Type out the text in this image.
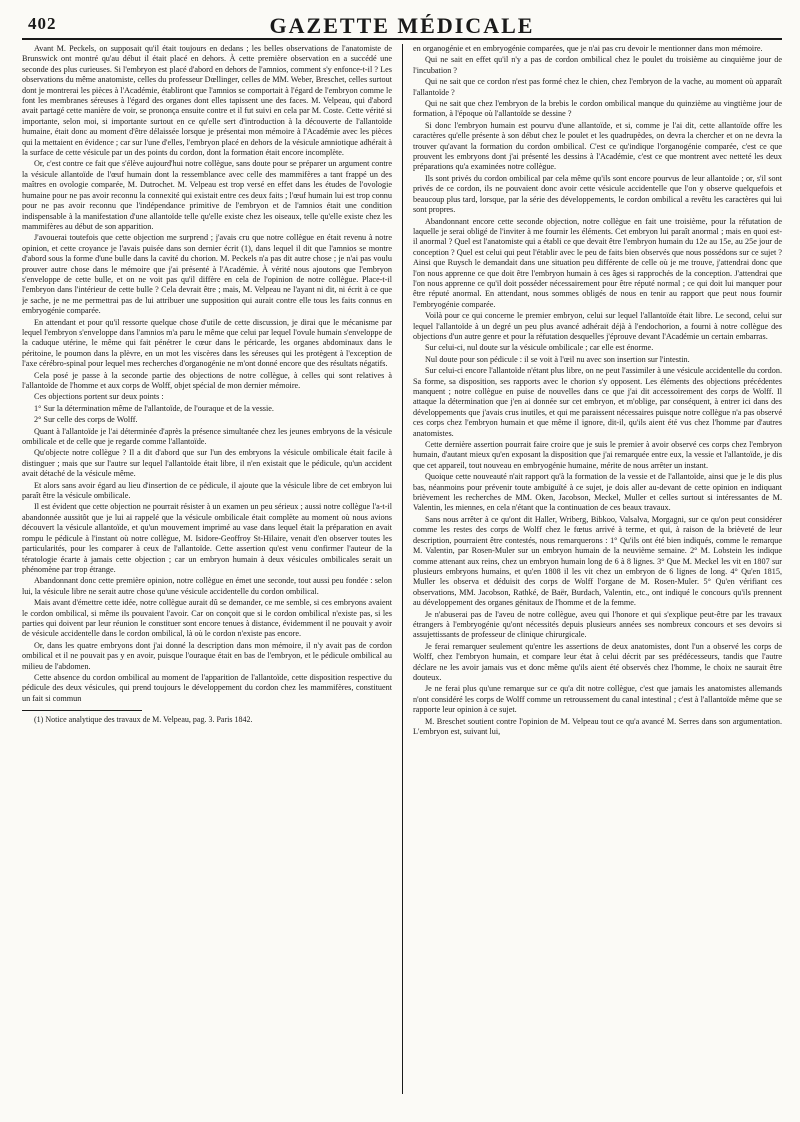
402	GAZETTE MÉDICALE

Avant M. Peckels, on supposait qu'il était toujours en dedans ; les belles observations de l'anatomiste de Brunswick ont montré qu'au début il était placé en dehors. À cette première observation en a succédé une seconde des plus curieuses. Si l'embryon est placé d'abord en dehors de l'amnios, comment s'y enfonce-t-il ? Les observations du même anatomiste, celles du professeur Dœllinger, celles de MM. Weber, Breschet, celles surtout dont je montrerai les pièces à l'Académie, établiront que l'amnios se comportait à l'égard de l'embryon comme le font les membranes séreuses à l'égard des organes dont elles tapissent une des faces. M. Velpeau, qui d'abord avait partagé cette manière de voir, se prononça ensuite contre et il fut suivi en cela par M. Coste. Cette vérité si importante, selon moi, si importante surtout en ce qu'elle sert d'introduction à la découverte de l'allantoïde humaine, était donc au moment d'être délaissée lorsque je présentai mon mémoire à l'Académie avec les pièces qui la mettaient en évidence ; car sur l'une d'elles, l'embryon placé en dehors de la vésicule amniotique adhérait à la surface de cette vésicule par un des points du cordon, dont la formation était encore incomplète.

Or, c'est contre ce fait que s'élève aujourd'hui notre collègue, sans doute pour se préparer un argument contre la vésicule allantoïde de l'œuf humain dont la ressemblance avec celle des mammifères a tant frappé un des maîtres en ovologie comparée, M. Dutrochet. M. Velpeau est trop versé en effet dans les études de l'ovologie humaine pour ne pas avoir reconnu la connexité qui existait entre ces deux faits ; l'œuf humain lui est trop connu pour ne pas avoir reconnu que l'indépendance primitive de l'embryon et de l'amnios était une condition indispensable à la manifestation d'une allantoïde telle qu'elle existe chez les oiseaux, telle qu'elle existe chez les mammifères au début de son apparition.

J'avouerai toutefois que cette objection me surprend ; j'avais cru que notre collègue en était revenu à notre opinion, et cette croyance je l'avais puisée dans son dernier écrit (1), dans lequel il dit que l'amnios se montre d'abord sous la forme d'une bulle dans la cavité du chorion. M. Peckels n'a pas dit autre chose ; je n'ai pas voulu prouver autre chose dans le mémoire que j'ai présenté à l'Académie. À vérité nous ajoutons que l'embryon s'enveloppe de cette bulle, et on ne voit pas qu'il diffère en cela de l'opinion de notre collègue. Place-t-il l'embryon dans l'intérieur de cette bulle ? Cela devrait être ; mais, M. Velpeau ne l'ayant ni dit, ni écrit à ce que je sache, je ne me permettrai pas de lui attribuer une supposition qui aurait contre elle tous les faits connus en embryogénie comparée.

En attendant et pour qu'il ressorte quelque chose d'utile de cette discussion, je dirai que le mécanisme par lequel l'embryon s'enveloppe dans l'amnios m'a paru le même que celui par lequel l'ovule humain s'enveloppe de la caduque utérine, le même qui fait pénétrer le cœur dans le péricarde, les organes abdominaux dans le péritoine, le poumon dans la plèvre, en un mot les viscères dans les séreuses qui les protègent à l'exception de l'axe cérébro-spinal pour lequel mes recherches d'organogénie ne m'ont donné encore que des résultats négatifs.

Cela posé je passe à la seconde partie des objections de notre collègue, à celles qui sont relatives à l'allantoïde de l'homme et aux corps de Wolff, objet spécial de mon dernier mémoire.

Ces objections portent sur deux points :

1° Sur la détermination même de l'allantoïde, de l'ouraque et de la vessie.

2° Sur celle des corps de Wolff.

Quant à l'allantoïde je l'ai déterminée d'après la présence simultanée chez les jeunes embryons de la vésicule ombilicale et de celle que je regarde comme l'allantoïde.

Qu'objecte notre collègue ? Il a dit d'abord que sur l'un des embryons la vésicule ombilicale était facile à distinguer ; mais que sur l'autre sur lequel l'allantoïde était libre, il n'en existait que le pédicule, qu'un accident avait détaché de la vésicule même.

Et alors sans avoir égard au lieu d'insertion de ce pédicule, il ajoute que la vésicule libre de cet embryon lui paraît être la vésicule ombilicale.

Il est évident que cette objection ne pourrait résister à un examen un peu sérieux ; aussi notre collègue l'a-t-il abandonnée aussitôt que je lui ai rappelé que la vésicule ombilicale était complète au moment où nous avions découvert la vésicule allantoïde, et qu'un mouvement imprimé au vase dans lequel était la préparation en avait rompu le pédicule à l'instant où notre collègue, M. Isidore-Geoffroy St-Hilaire, venait d'en observer toutes les particularités, pour les comparer à ceux de l'allantoïde. Cette assertion qu'est venu confirmer l'auteur de la tératologie écarte à jamais cette objection ; car un embryon humain à deux vésicules ombilicales serait un phénomène par trop étrange.

Abandonnant donc cette première opinion, notre collègue en émet une seconde, tout aussi peu fondée : selon lui, la vésicule libre ne serait autre chose qu'une vésicule accidentelle du cordon ombilical.

Mais avant d'émettre cette idée, notre collègue aurait dû se demander, ce me semble, si ces embryons avaient le cordon ombilical, si même ils pouvaient l'avoir. Car on conçoit que si le cordon ombilical n'existe pas, si les parties qui doivent par leur réunion le constituer sont encore tenues à distance, évidemment il ne pouvait y avoir de vésicule accidentelle dans le cordon ombilical, là où le cordon n'existe pas encore.

Or, dans les quatre embryons dont j'ai donné la description dans mon mémoire, il n'y avait pas de cordon ombilical et il ne pouvait pas y en avoir, puisque l'ouraque était en bas de l'embryon, et le pédicule ombilical au milieu de l'abdomen.

Cette absence du cordon ombilical au moment de l'apparition de l'allantoïde, cette disposition respective du pédicule des deux vésicules, qui prend toujours le développement du cordon chez les mammifères, constituent un fait si commun

(1) Notice analytique des travaux de M. Velpeau, pag. 3. Paris 1842.

en organogénie et en embryogénie comparées, que je n'ai pas cru devoir le mentionner dans mon mémoire.

Qui ne sait en effet qu'il n'y a pas de cordon ombilical chez le poulet du troisième au cinquième jour de l'incubation ?

Qui ne sait que ce cordon n'est pas formé chez le chien, chez l'embryon de la vache, au moment où apparaît l'allantoïde ?

Qui ne sait que chez l'embryon de la brebis le cordon ombilical manque du quinzième au vingtième jour de formation, à l'époque où l'allantoïde se dessine ?

Si donc l'embryon humain est pourvu d'une allantoïde, et si, comme je l'ai dit, cette allantoïde offre les caractères qu'elle présente à son début chez le poulet et les quadrupèdes, on devra la chercher et on ne devra la trouver qu'avant la formation du cordon ombilical. C'est ce qu'indique l'organogénie comparée, c'est ce que prouvent les embryons dont j'ai présenté les dessins à l'Académie, c'est ce que montrent avec netteté les deux préparations qu'a examinées notre collègue.

Ils sont privés du cordon ombilical par cela même qu'ils sont encore pourvus de leur allantoïde ; or, s'il sont privés de ce cordon, ils ne pouvaient donc avoir cette vésicule accidentelle que l'on y observe quelquefois et beaucoup plus tard, lorsque, par la série des développements, le cordon ombilical a revêtu les caractères qui lui sont propres.

Abandonnant encore cette seconde objection, notre collègue en fait une troisième, pour la réfutation de laquelle je serai obligé de l'inviter à me fournir les éléments. Cet embryon lui paraît anormal ; mais en quoi est-il anormal ? Quel est l'anatomiste qui a établi ce que devait être l'embryon humain du 12e au 15e, au 25e jour de conception ? Quel est celui qui peut l'établir avec le peu de faits bien observés que nous possédons sur ce sujet ? Ainsi que Ruysch le demandait dans une situation peu différente de celle où je me trouve, j'attendrai donc que l'on nous apprenne ce que doit être l'embryon humain à ces âges si rapprochés de la conception. J'attendrai que l'on nous apprenne ce qu'il doit posséder nécessairement pour être réputé normal ; ce qui doit lui manquer pour être réputé anormal. En attendant, nous sommes obligés de nous en tenir au rapport que peut nous fournir l'embryogénie comparée.

Voilà pour ce qui concerne le premier embryon, celui sur lequel l'allantoïde était libre. Le second, celui sur lequel l'allantoïde à un degré un peu plus avancé adhérait déjà à l'endochorion, a fourni à notre collègue des objections d'un autre genre et pour la réfutation desquelles j'éprouve devant l'Académie un certain embarras.

Sur celui-ci, nul doute sur la vésicule ombilicale ; car elle est énorme.

Nul doute pour son pédicule : il se voit à l'œil nu avec son insertion sur l'intestin.

Sur celui-ci encore l'allantoïde n'étant plus libre, on ne peut l'assimiler à une vésicule accidentelle du cordon. Sa forme, sa disposition, ses rapports avec le chorion s'y opposent. Les éléments des objections précédentes manquent ; notre collègue en puise de nouvelles dans ce que j'ai dit accessoirement des corps de Wolff. Il attaque la détermination que j'en ai donnée sur cet embryon, et m'oblige, par conséquent, à entrer ici dans des développements que j'avais crus inutiles, et qui me paraissent nécessaires puisque notre collègue n'a pas observé ces corps chez l'embryon humain et que même il ignore, dit-il, qu'ils aient été vus chez l'homme par d'autres anatomistes.

Cette dernière assertion pourrait faire croire que je suis le premier à avoir observé ces corps chez l'embryon humain, d'autant mieux qu'en exposant la disposition que j'ai remarquée entre eux, la vessie et l'allantoïde, je dis que cet appareil, tout nouveau en embryogénie humaine, mérite de nous arrêter un instant.

Quoique cette nouveauté n'ait rapport qu'à la formation de la vessie et de l'allantoïde, ainsi que je le dis plus bas, néanmoins pour prévenir toute ambiguïté à ce sujet, je dois aller au-devant de cette opinion en indiquant brièvement les recherches de MM. Oken, Jacobson, Meckel, Muller et celles surtout si intéressantes de M. Valentin, les miennes, en cela n'étant que la continuation de ces beaux travaux.

Sans nous arrêter à ce qu'ont dit Haller, Wriberg, Bibkoo, Valsalva, Morgagni, sur ce qu'on peut considérer comme les restes des corps de Wolff chez le fœtus arrivé à terme, et qui, à raison de la brièveté de leur description, pourraient être contestés, nous remarquerons : 1° Qu'ils ont été bien indiqués, comme le remarque M. Valentin, par Rosen-Muler sur un embryon humain de la neuvième semaine. 2° M. Lobstein les indique comme attenant aux reins, chez un embryon humain long de 6 à 8 lignes. 3° Que M. Meckel les vit en 1807 sur plusieurs embryons humains, et qu'en 1808 il les vit chez un embryon de 6 lignes de long. 4° Qu'en 1815, Muller les observa et déduisit des corps de Wolff l'organe de M. Rosen-Muler. 5° Qu'en vérifiant ces observations, MM. Jacobson, Rathké, de Baër, Burdach, Valentin, etc., ont indiqué le concours qu'ils prennent au développement des organes génitaux de l'homme et de la femme.

Je n'abuserai pas de l'aveu de notre collègue, aveu qui l'honore et qui s'explique peut-être par les travaux étrangers à l'embryogénie qu'ont nécessités depuis plusieurs années ses nombreux concours et ses devoirs si assujettissants de professeur de clinique chirurgicale.

Je ferai remarquer seulement qu'entre les assertions de deux anatomistes, dont l'un a observé les corps de Wolff, chez l'embryon humain, et compare leur état à celui décrit par ses prédécesseurs, tandis que l'autre déclare ne les avoir jamais vus et donc même qu'ils aient été observés chez l'homme, le choix ne saurait être douteux.

Je ne ferai plus qu'une remarque sur ce qu'a dit notre collègue, c'est que jamais les anatomistes allemands n'ont considéré les corps de Wolff comme un retroussement du canal intestinal ; c'est à l'allantoïde même que se rapporte leur opinion à ce sujet.

M. Breschet soutient contre l'opinion de M. Velpeau tout ce qu'a avancé M. Serres dans son argumentation. L'embryon est, suivant lui,
